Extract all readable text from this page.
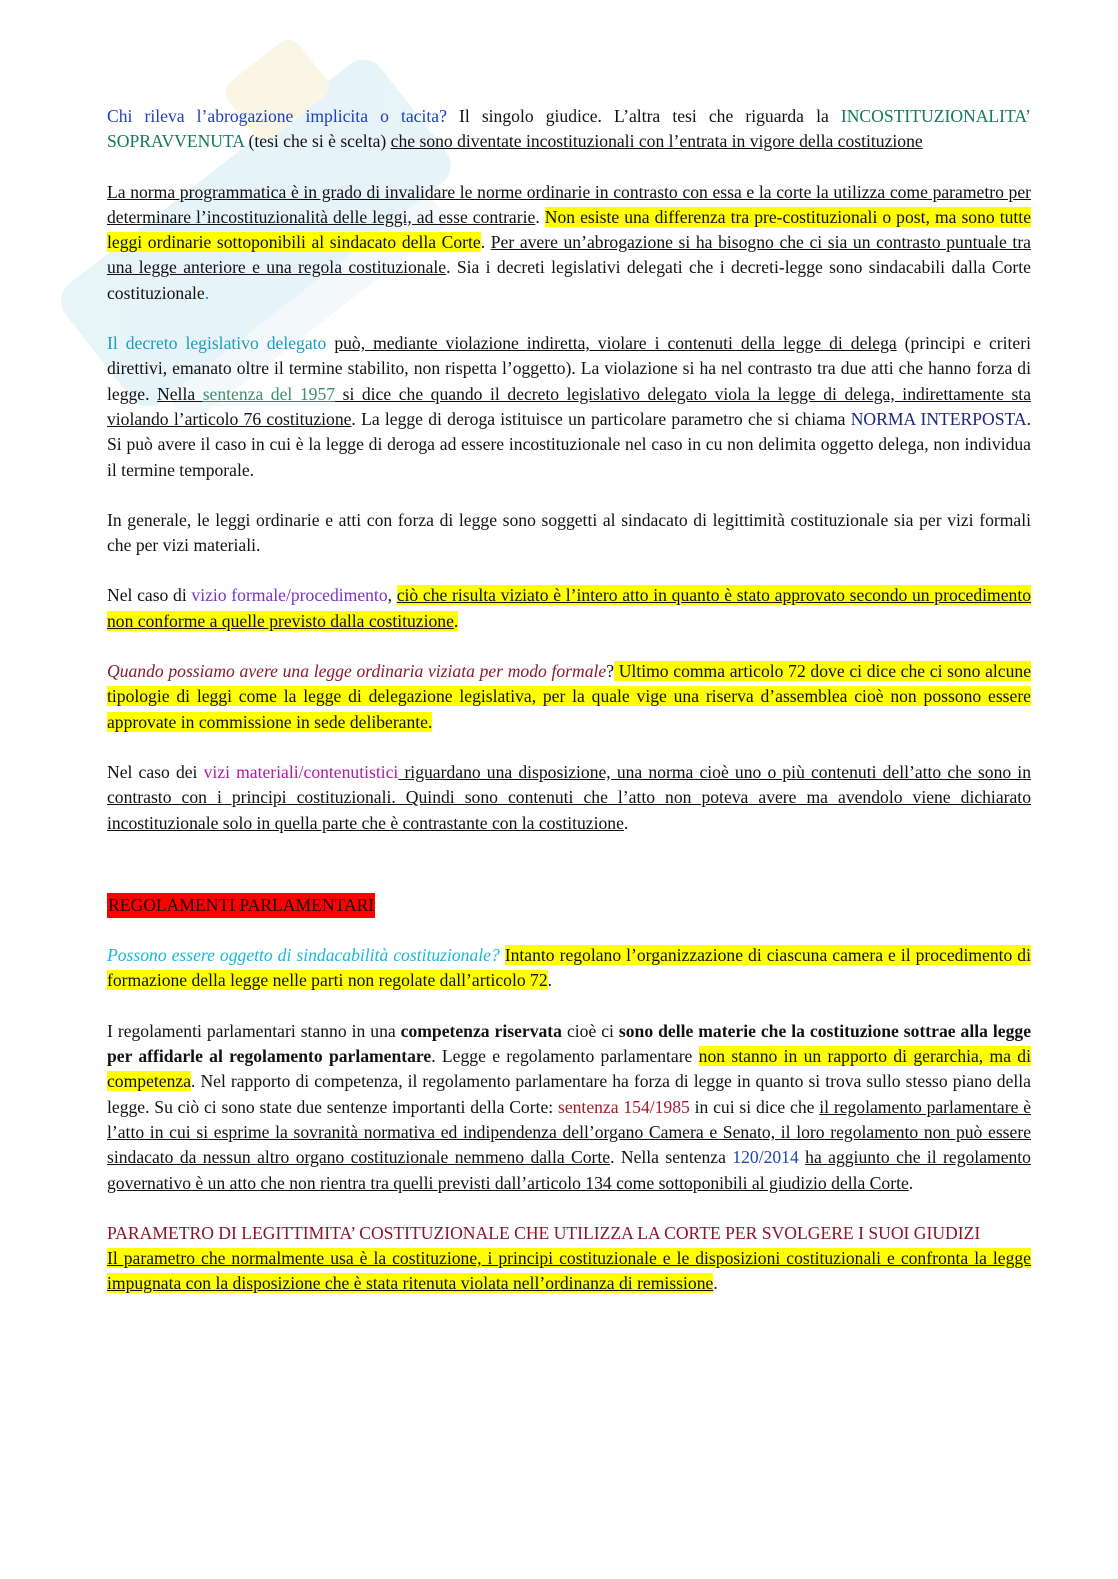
Chi rileva l’abrogazione implicita o tacita? Il singolo giudice. L’altra tesi che riguarda la INCOSTITUZIONALITA’ SOPRAVVENUTA (tesi che si è scelta) che sono diventate incostituzionali con l’entrata in vigore della costituzione

La norma programmatica è in grado di invalidare le norme ordinarie in contrasto con essa e la corte la utilizza come parametro per determinare l’incostituzionalità delle leggi, ad esse contrarie. Non esiste una differenza tra pre-costituzionali o post, ma sono tutte leggi ordinarie sottoponibili al sindacato della Corte. Per avere un’abrogazione si ha bisogno che ci sia un contrasto puntuale tra una legge anteriore e una regola costituzionale. Sia i decreti legislativi delegati che i decreti-legge sono sindacabili dalla Corte costituzionale.

Il decreto legislativo delegato può, mediante violazione indiretta, violare i contenuti della legge di delega (principi e criteri direttivi, emanato oltre il termine stabilito, non rispetta l’oggetto). La violazione si ha nel contrasto tra due atti che hanno forza di legge. Nella sentenza del 1957 si dice che quando il decreto legislativo delegato viola la legge di delega, indirettamente sta violando l’articolo 76 costituzione. La legge di deroga istituisce un particolare parametro che si chiama NORMA INTERPOSTA. Si può avere il caso in cui è la legge di deroga ad essere incostituzionale nel caso in cu non delimita oggetto delega, non individua il termine temporale.

In generale, le leggi ordinarie e atti con forza di legge sono soggetti al sindacato di legittimità costituzionale sia per vizi formali che per vizi materiali.

Nel caso di vizio formale/procedimento, ciò che risulta viziato è l’intero atto in quanto è stato approvato secondo un procedimento non conforme a quelle previsto dalla costituzione.

Quando possiamo avere una legge ordinaria viziata per modo formale? Ultimo comma articolo 72 dove ci dice che ci sono alcune tipologie di leggi come la legge di delegazione legislativa, per la quale vige una riserva d’assemblea cioè non possono essere approvate in commissione in sede deliberante.

Nel caso dei vizi materiali/contenutistici riguardano una disposizione, una norma cioè uno o più contenuti dell’atto che sono in contrasto con i principi costituzionali. Quindi sono contenuti che l’atto non poteva avere ma avendolo viene dichiarato incostituzionale solo in quella parte che è contrastante con la costituzione.

REGOLAMENTI PARLAMENTARI

Possono essere oggetto di sindacabilità costituzionale? Intanto regolano l’organizzazione di ciascuna camera e il procedimento di formazione della legge nelle parti non regolate dall’articolo 72.

I regolamenti parlamentari stanno in una competenza riservata cioè ci sono delle materie che la costituzione sottrae alla legge per affidarle al regolamento parlamentare. Legge e regolamento parlamentare non stanno in un rapporto di gerarchia, ma di competenza. Nel rapporto di competenza, il regolamento parlamentare ha forza di legge in quanto si trova sullo stesso piano della legge. Su ciò ci sono state due sentenze importanti della Corte: sentenza 154/1985 in cui si dice che il regolamento parlamentare è l’atto in cui si esprime la sovranità normativa ed indipendenza dell’organo Camera e Senato, il loro regolamento non può essere sindacato da nessun altro organo costituzionale nemmeno dalla Corte. Nella sentenza 120/2014 ha aggiunto che il regolamento governativo è un atto che non rientra tra quelli previsti dall’articolo 134 come sottoponibili al giudizio della Corte.

PARAMETRO DI LEGITTIMITA’ COSTITUZIONALE CHE UTILIZZA LA CORTE PER SVOLGERE I SUOI GIUDIZI

Il parametro che normalmente usa è la costituzione, i principi costituzionale e le disposizioni costituzionali e confronta la legge impugnata con la disposizione che è stata ritenuta violata nell’ordinanza di remissione.
